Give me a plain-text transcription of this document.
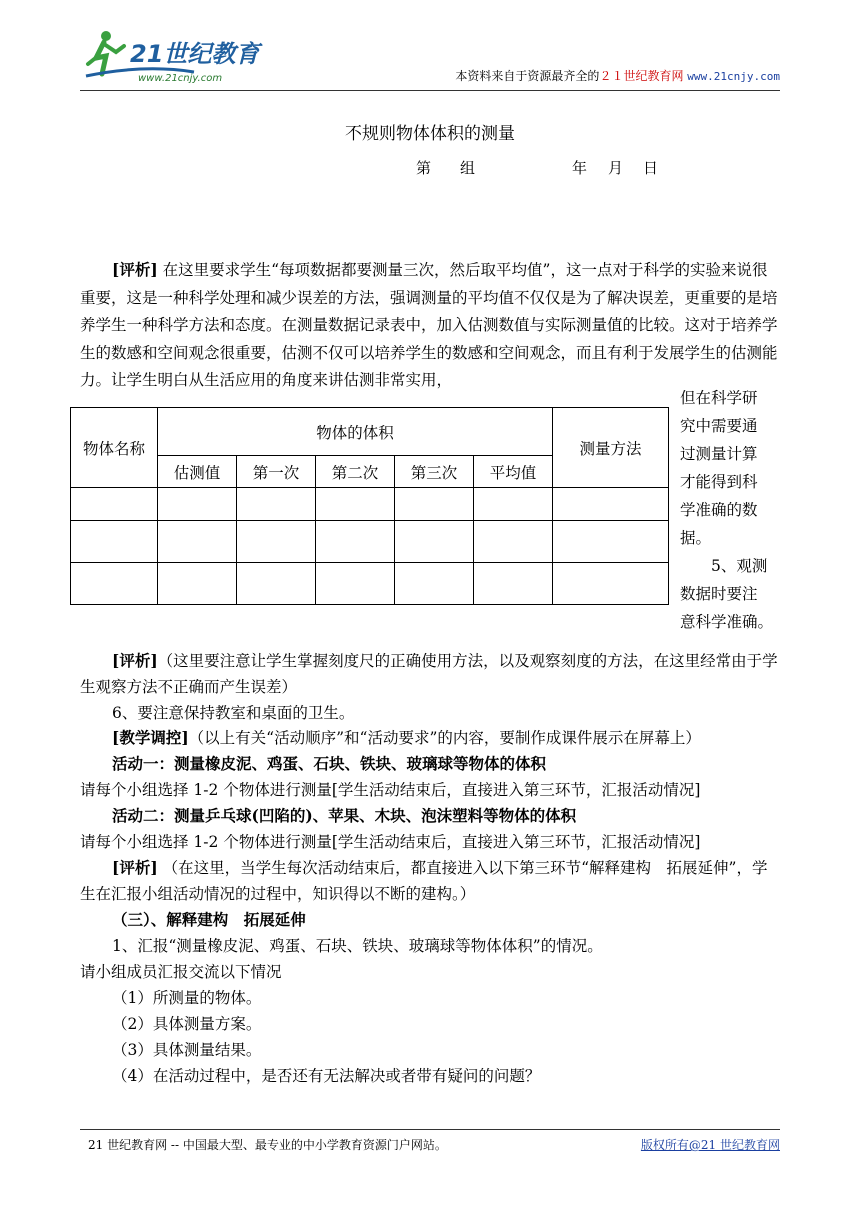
21世纪教育
www.21cnjy.com	本资料来自于资源最齐全的２１世纪教育网 www.21cnjy.com
不规则物体体积的测量
第 组	年 月 日

[评析] 在这里要求学生“每项数据都要测量三次，然后取平均值”，这一点对于科学的实验来说很重要，这是一种科学处理和减少误差的方法，强调测量的平均值不仅仅是为了解决误差，更重要的是培养学生一种科学方法和态度。在测量数据记录表中，加入估测数值与实际测量值的比较。这对于培养学生的数感和空间观念很重要，估测不仅可以培养学生的数感和空间观念，而且有利于发展学生的估测能力。让学生明白从生活应用的角度来讲估测非常实用，

物体名称	物体的体积					测量方法
	估测值	第一次	第二次	第三次	平均值	

但在科学研
究中需要通
过测量计算
才能得到科
学准确的数
据。
　　5、观测
数据时要注
意科学准确。

[评析]（这里要注意让学生掌握刻度尺的正确使用方法，以及观察刻度的方法，在这里经常由于学生观察方法不正确而产生误差）

6、要注意保持教室和桌面的卫生。

[教学调控]（以上有关“活动顺序”和“活动要求”的内容，要制作成课件展示在屏幕上）

活动一：测量橡皮泥、鸡蛋、石块、铁块、玻璃球等物体的体积

请每个小组选择 1-2 个物体进行测量[学生活动结束后，直接进入第三环节，汇报活动情况]

活动二：测量乒乓球(凹陷的)、苹果、木块、泡沫塑料等物体的体积

请每个小组选择 1-2 个物体进行测量[学生活动结束后，直接进入第三环节，汇报活动情况]

[评析] （在这里，当学生每次活动结束后，都直接进入以下第三环节“解释建构　拓展延伸”，学生在汇报小组活动情况的过程中，知识得以不断的建构。）

（三）、解释建构　拓展延伸

1、汇报“测量橡皮泥、鸡蛋、石块、铁块、玻璃球等物体体积”的情况。

请小组成员汇报交流以下情况

（1）所测量的物体。

（2）具体测量方案。

（3）具体测量结果。

（4）在活动过程中，是否还有无法解决或者带有疑问的问题？

21 世纪教育网 -- 中国最大型、最专业的中小学教育资源门户网站。	版权所有@21 世纪教育网
